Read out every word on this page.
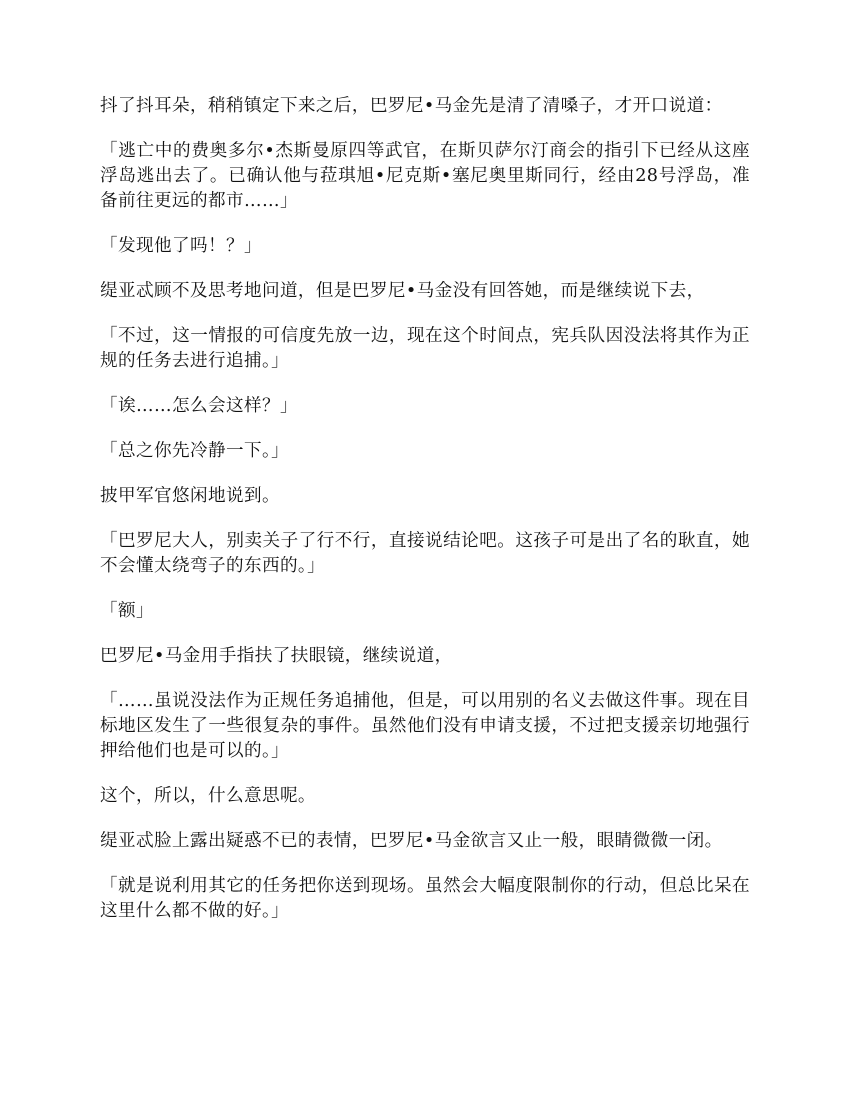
抖了抖耳朵，稍稍镇定下来之后，巴罗尼•马金先是清了清嗓子，才开口说道：

「逃亡中的费奥多尔•杰斯曼原四等武官，在斯贝萨尔汀商会的指引下已经从这座浮岛逃出去了。已确认他与菈琪旭•尼克斯•塞尼奥里斯同行，经由28号浮岛，准备前往更远的都市……」

「发现他了吗！？」

缇亚忒顾不及思考地问道，但是巴罗尼•马金没有回答她，而是继续说下去，

「不过，这一情报的可信度先放一边，现在这个时间点，宪兵队因没法将其作为正规的任务去进行追捕。」

「诶……怎么会这样？」

「总之你先冷静一下。」

披甲军官悠闲地说到。

「巴罗尼大人，别卖关子了行不行，直接说结论吧。这孩子可是出了名的耿直，她不会懂太绕弯子的东西的。」

「额」

巴罗尼•马金用手指扶了扶眼镜，继续说道，

「……虽说没法作为正规任务追捕他，但是，可以用别的名义去做这件事。现在目标地区发生了一些很复杂的事件。虽然他们没有申请支援，不过把支援亲切地强行押给他们也是可以的。」

这个，所以，什么意思呢。

缇亚忒脸上露出疑惑不已的表情，巴罗尼•马金欲言又止一般，眼睛微微一闭。

「就是说利用其它的任务把你送到现场。虽然会大幅度限制你的行动，但总比呆在这里什么都不做的好。」
